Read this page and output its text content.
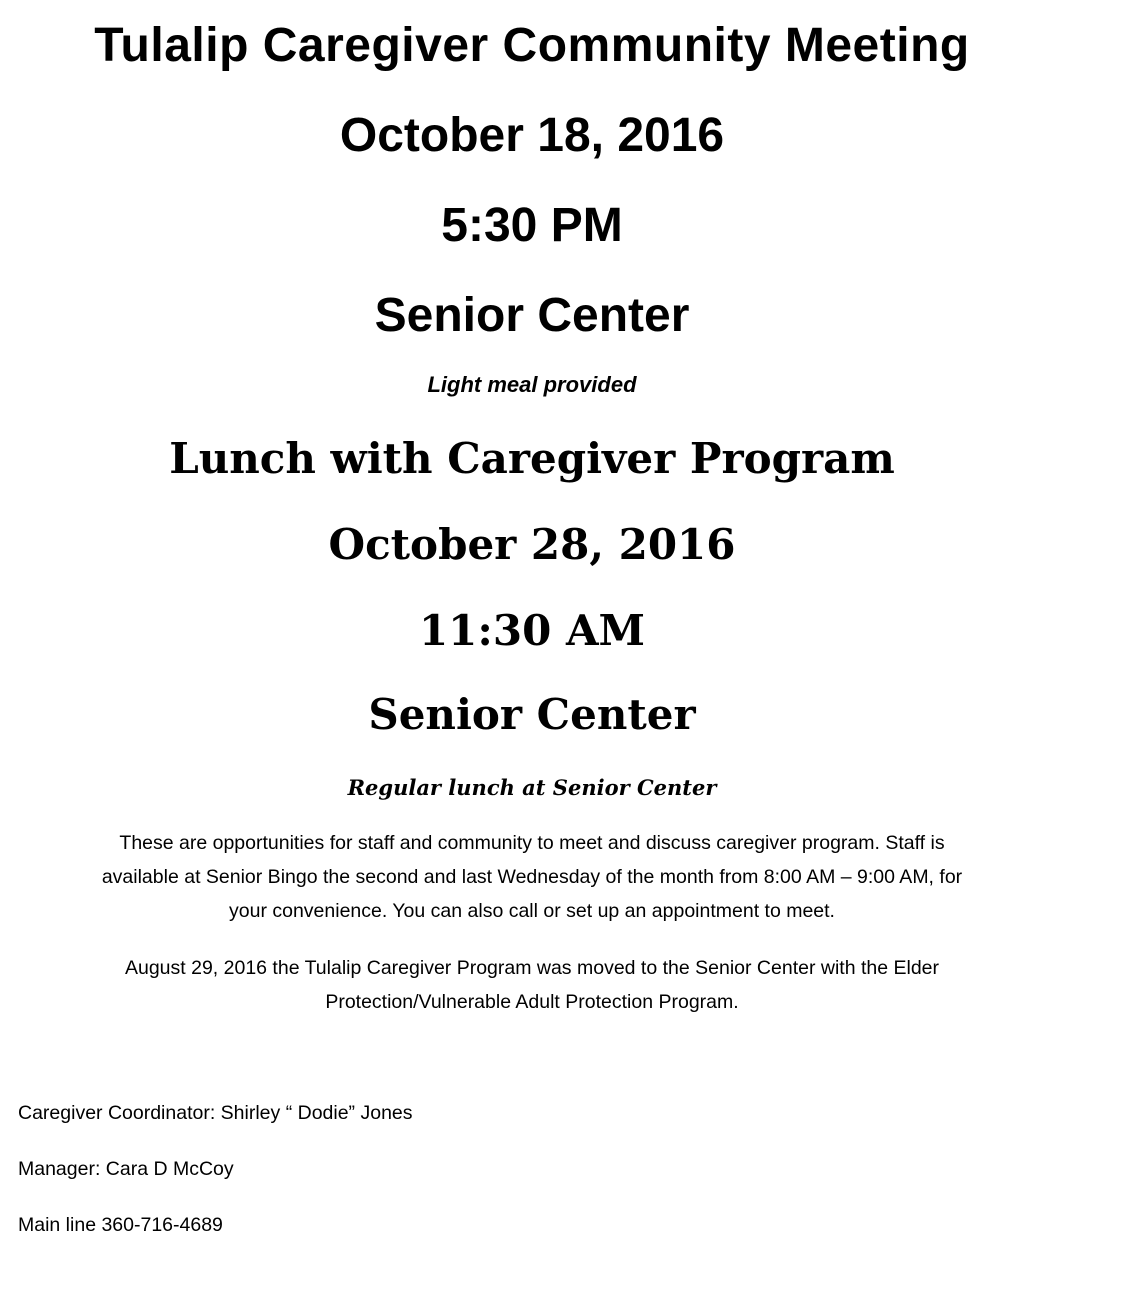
Tulalip Caregiver Community Meeting
October 18, 2016
5:30 PM
Senior Center
Light meal provided
Lunch with Caregiver Program
October 28, 2016
11:30 AM
Senior Center
Regular lunch at Senior Center

These are opportunities for staff and community to meet and discuss caregiver program. Staff is
available at Senior Bingo the second and last Wednesday of the month from 8:00 AM – 9:00 AM, for
your convenience. You can also call or set up an appointment to meet.

August 29, 2016 the Tulalip Caregiver Program was moved to the Senior Center with the Elder
Protection/Vulnerable Adult Protection Program.

Caregiver Coordinator: Shirley “ Dodie” Jones

Manager: Cara D McCoy

Main line 360-716-4689
